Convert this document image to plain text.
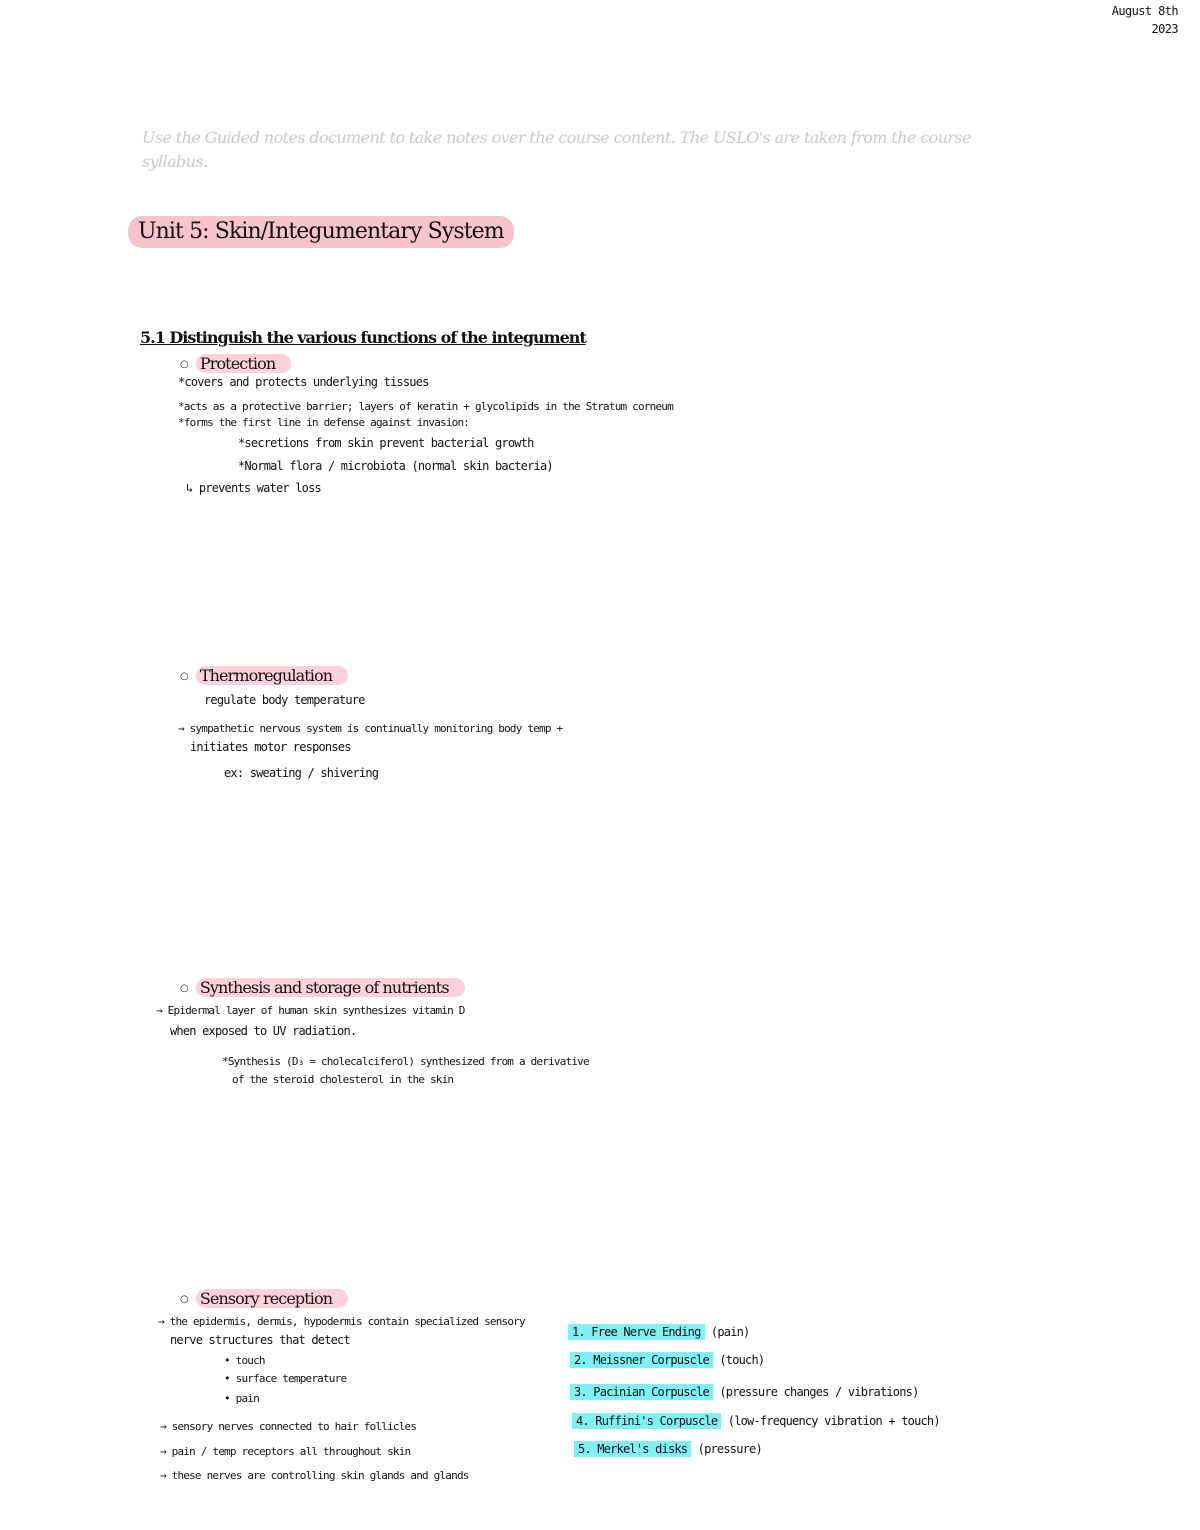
August 8th
2023
Use the Guided notes document to take notes over the course content. The USLO's are taken from the course syllabus.
Unit 5: Skin/Integumentary System
5.1 Distinguish the various functions of the integument
○ Protection
*covers and protects underlying tissues
*acts as a protective barrier; layers of keratin + glycolipids in the Stratum corneum
*forms the first line in defense against invasion:
*secretions from skin prevent bacterial growth
*Normal flora / microbiota (normal skin bacteria)
↳ prevents water loss
○ Thermoregulation
regulate body temperature
→ sympathetic nervous system is continually monitoring body temp +
initiates motor responses
ex: sweating / shivering
○ Synthesis and storage of nutrients
→ Epidermal layer of human skin synthesizes vitamin D
when exposed to UV radiation.
*Synthesis (D₃ = cholecalciferol) synthesized from a derivative
of the steroid cholesterol in the skin
○ Sensory reception
→ the epidermis, dermis, hypodermis contain specialized sensory
nerve structures that detect
• touch
• surface temperature
• pain
→ sensory nerves connected to hair follicles
→ pain / temp receptors all throughout skin
→ these nerves are controlling skin glands and glands
1. Free Nerve Ending (pain)
2. Meissner Corpuscle (touch)
3. Pacinian Corpuscle (pressure changes / vibrations)
4. Ruffini's Corpuscle (low-frequency vibration + touch)
5. Merkel's disks (pressure)
